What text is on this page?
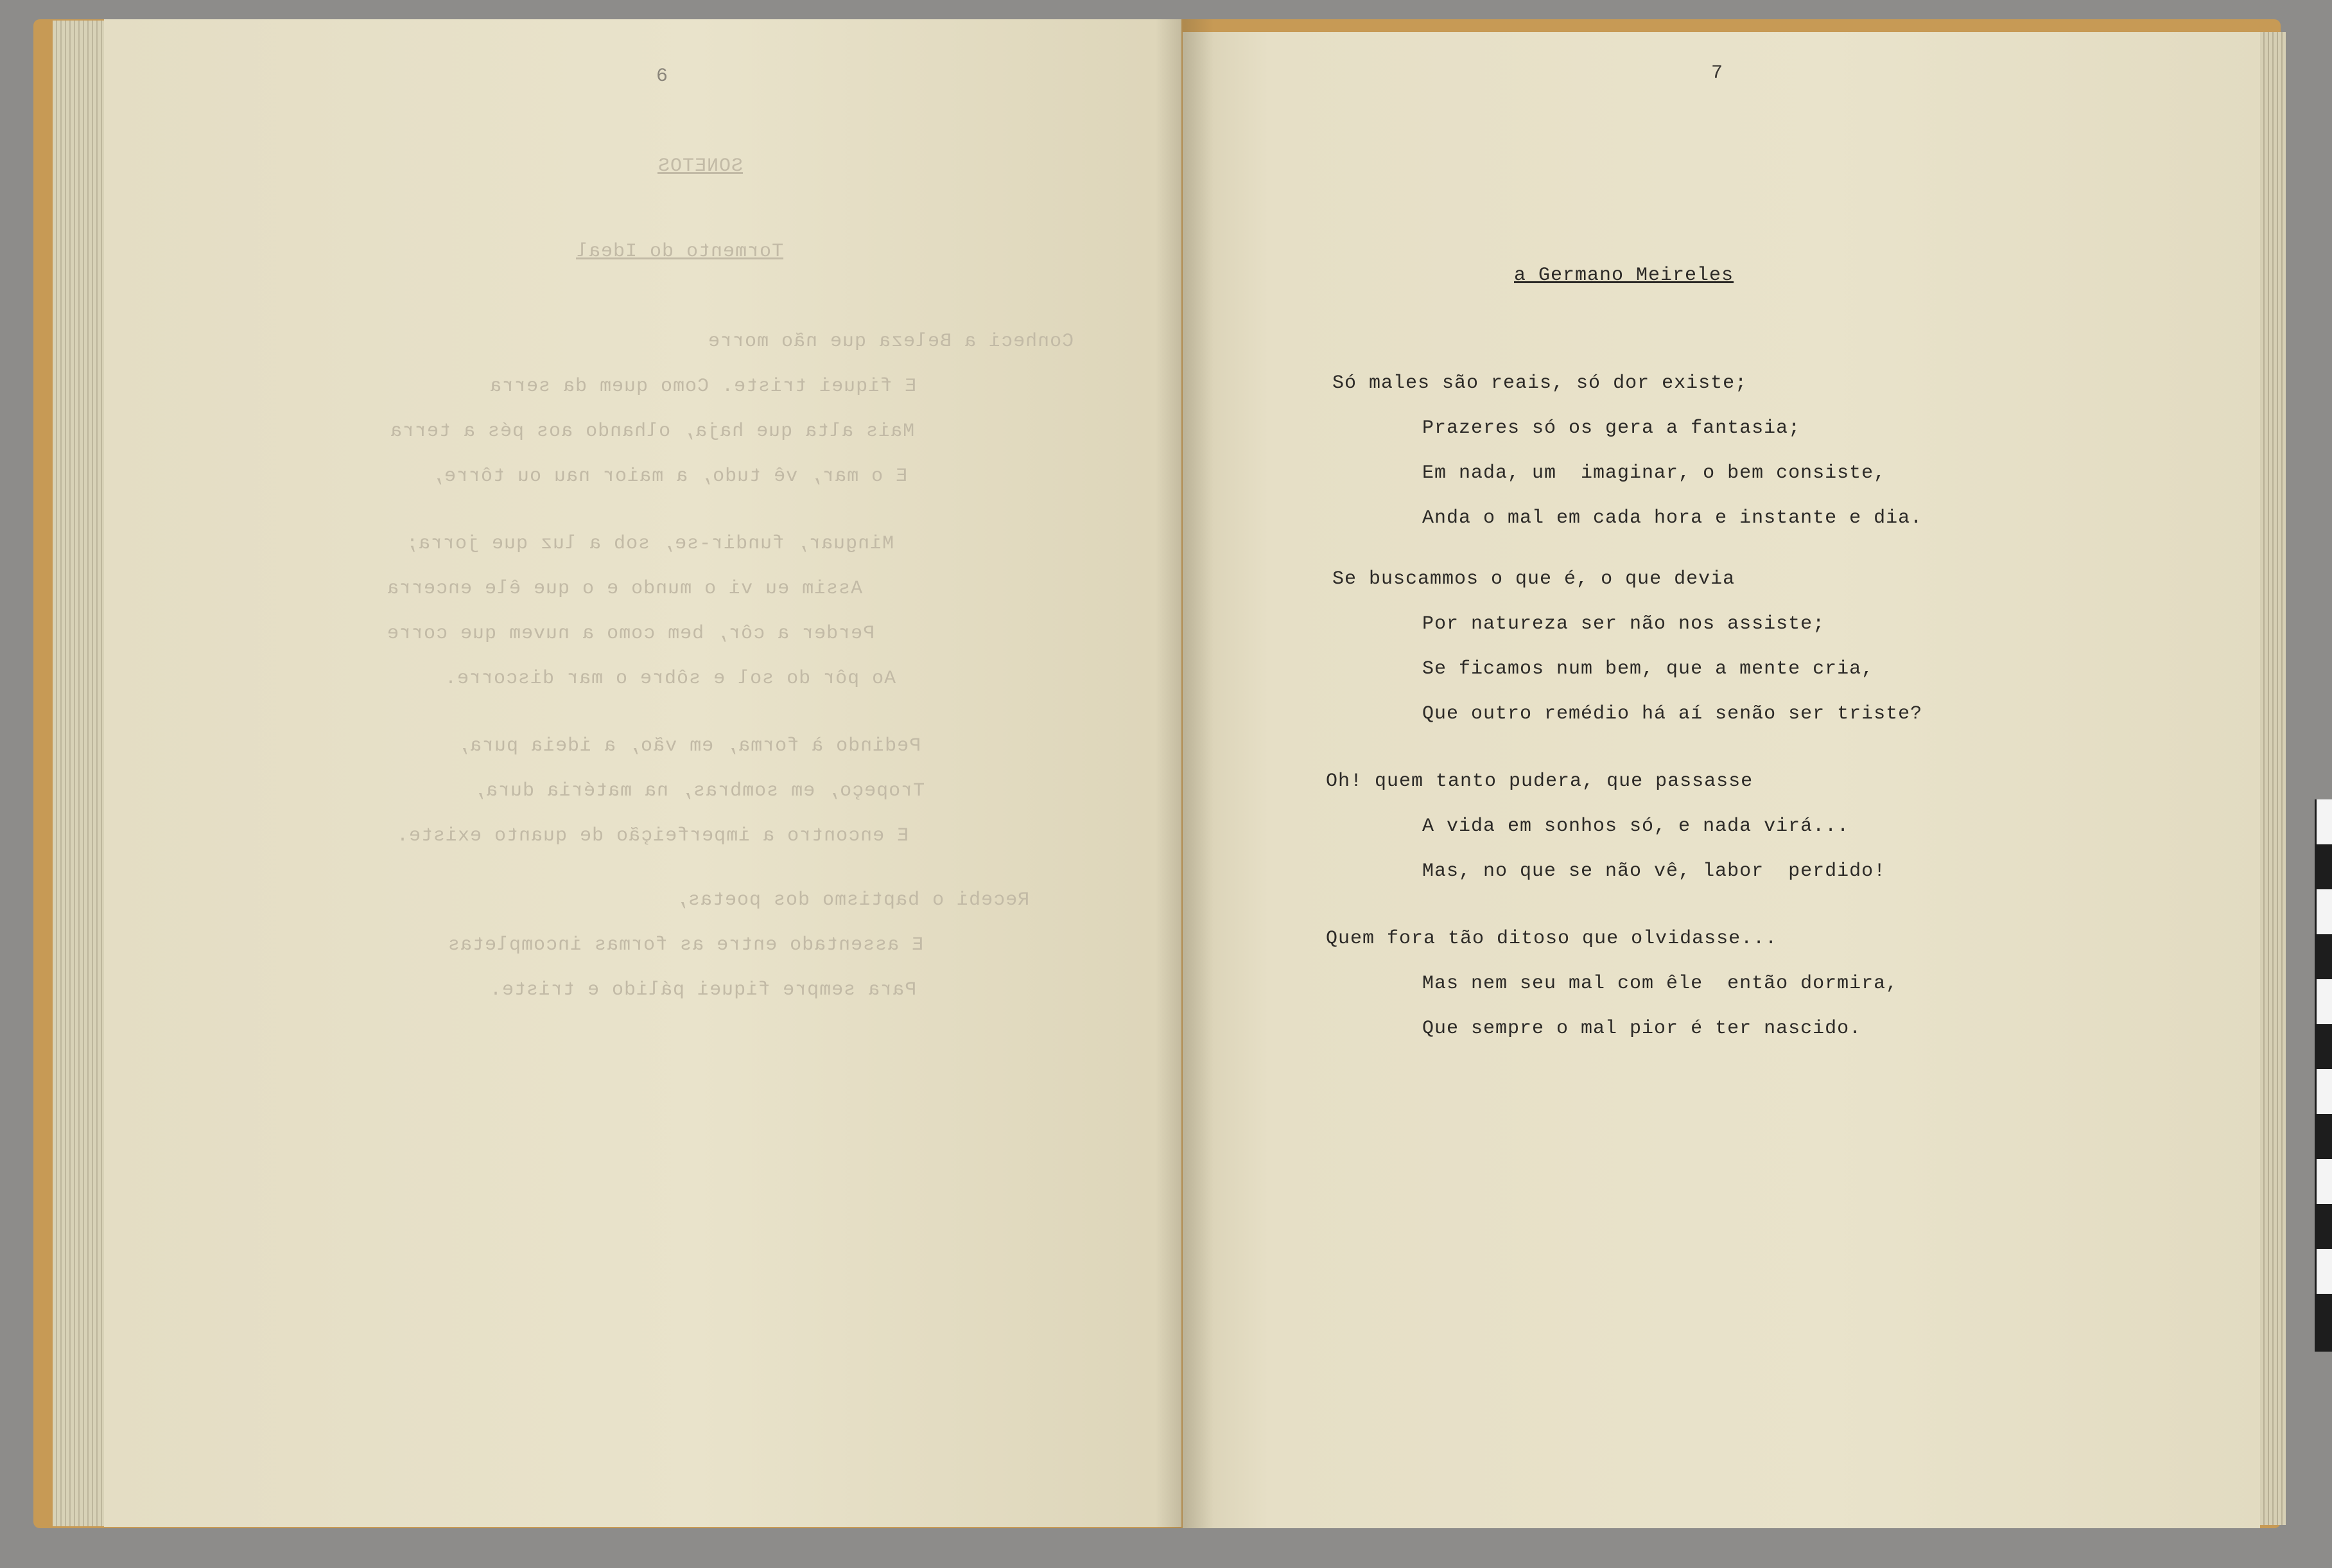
6
SONETOS
Tormento do Ideal
Conheci a Beleza que não morre
E fiquei triste. Como quem da serra
Mais alta que haja, olhando aos pés a terra
E o mar, vê tudo, a maior nau ou tôrre,
Minguar, fundir-se, sob a luz que jorra;
Assim eu vi o mundo e o que êle encerra
Perder a côr, bem como a nuvem que corre
Ao pôr do sol e sôbre o mar discorre.
Pedindo à forma, em vão, a ideia pura,
Tropeço, em sombras, na matéria dura,
E encontro a imperfeição de quanto existe.
Recebi o baptismo dos poetas,
E assentado entre as formas incompletas
Para sempre fiquei pálido e triste.
7
a Germano Meireles
Só males são reais, só dor existe;
Prazeres só os gera a fantasia;
Em nada, um  imaginar, o bem consiste,
Anda o mal em cada hora e instante e dia.
Se buscammos o que é, o que devia
Por natureza ser não nos assiste;
Se ficamos num bem, que a mente cria,
Que outro remédio há aí senão ser triste?
Oh! quem tanto pudera, que passasse
A vida em sonhos só, e nada virá...
Mas, no que se não vê, labor  perdido!
Quem fora tão ditoso que olvidasse...
Mas nem seu mal com êle  então dormira,
Que sempre o mal pior é ter nascido.
